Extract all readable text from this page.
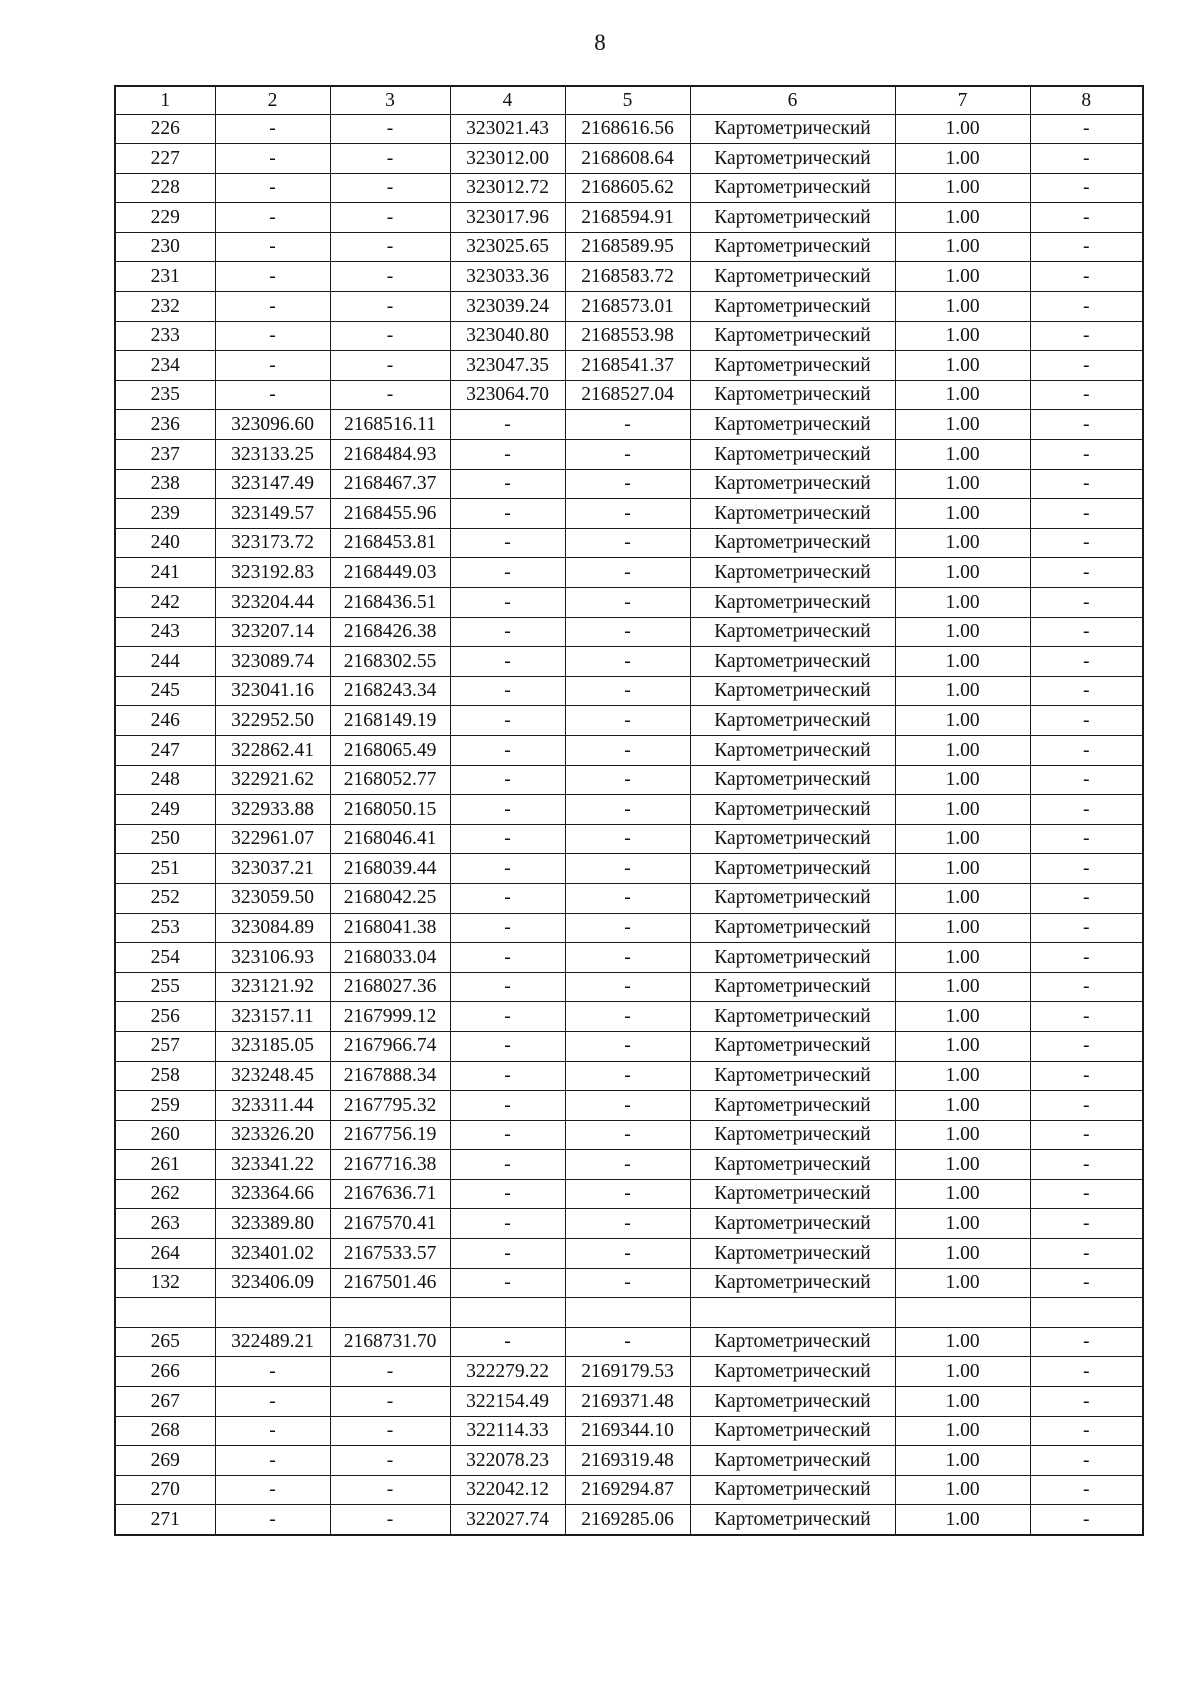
8
1	2	3	4	5	6	7	8
226	-	-	323021.43	2168616.56	Картометрический	1.00	-
227	-	-	323012.00	2168608.64	Картометрический	1.00	-
228	-	-	323012.72	2168605.62	Картометрический	1.00	-
229	-	-	323017.96	2168594.91	Картометрический	1.00	-
230	-	-	323025.65	2168589.95	Картометрический	1.00	-
231	-	-	323033.36	2168583.72	Картометрический	1.00	-
232	-	-	323039.24	2168573.01	Картометрический	1.00	-
233	-	-	323040.80	2168553.98	Картометрический	1.00	-
234	-	-	323047.35	2168541.37	Картометрический	1.00	-
235	-	-	323064.70	2168527.04	Картометрический	1.00	-
236	323096.60	2168516.11	-	-	Картометрический	1.00	-
237	323133.25	2168484.93	-	-	Картометрический	1.00	-
238	323147.49	2168467.37	-	-	Картометрический	1.00	-
239	323149.57	2168455.96	-	-	Картометрический	1.00	-
240	323173.72	2168453.81	-	-	Картометрический	1.00	-
241	323192.83	2168449.03	-	-	Картометрический	1.00	-
242	323204.44	2168436.51	-	-	Картометрический	1.00	-
243	323207.14	2168426.38	-	-	Картометрический	1.00	-
244	323089.74	2168302.55	-	-	Картометрический	1.00	-
245	323041.16	2168243.34	-	-	Картометрический	1.00	-
246	322952.50	2168149.19	-	-	Картометрический	1.00	-
247	322862.41	2168065.49	-	-	Картометрический	1.00	-
248	322921.62	2168052.77	-	-	Картометрический	1.00	-
249	322933.88	2168050.15	-	-	Картометрический	1.00	-
250	322961.07	2168046.41	-	-	Картометрический	1.00	-
251	323037.21	2168039.44	-	-	Картометрический	1.00	-
252	323059.50	2168042.25	-	-	Картометрический	1.00	-
253	323084.89	2168041.38	-	-	Картометрический	1.00	-
254	323106.93	2168033.04	-	-	Картометрический	1.00	-
255	323121.92	2168027.36	-	-	Картометрический	1.00	-
256	323157.11	2167999.12	-	-	Картометрический	1.00	-
257	323185.05	2167966.74	-	-	Картометрический	1.00	-
258	323248.45	2167888.34	-	-	Картометрический	1.00	-
259	323311.44	2167795.32	-	-	Картометрический	1.00	-
260	323326.20	2167756.19	-	-	Картометрический	1.00	-
261	323341.22	2167716.38	-	-	Картометрический	1.00	-
262	323364.66	2167636.71	-	-	Картометрический	1.00	-
263	323389.80	2167570.41	-	-	Картометрический	1.00	-
264	323401.02	2167533.57	-	-	Картометрический	1.00	-
132	323406.09	2167501.46	-	-	Картометрический	1.00	-

265	322489.21	2168731.70	-	-	Картометрический	1.00	-
266	-	-	322279.22	2169179.53	Картометрический	1.00	-
267	-	-	322154.49	2169371.48	Картометрический	1.00	-
268	-	-	322114.33	2169344.10	Картометрический	1.00	-
269	-	-	322078.23	2169319.48	Картометрический	1.00	-
270	-	-	322042.12	2169294.87	Картометрический	1.00	-
271	-	-	322027.74	2169285.06	Картометрический	1.00	-
